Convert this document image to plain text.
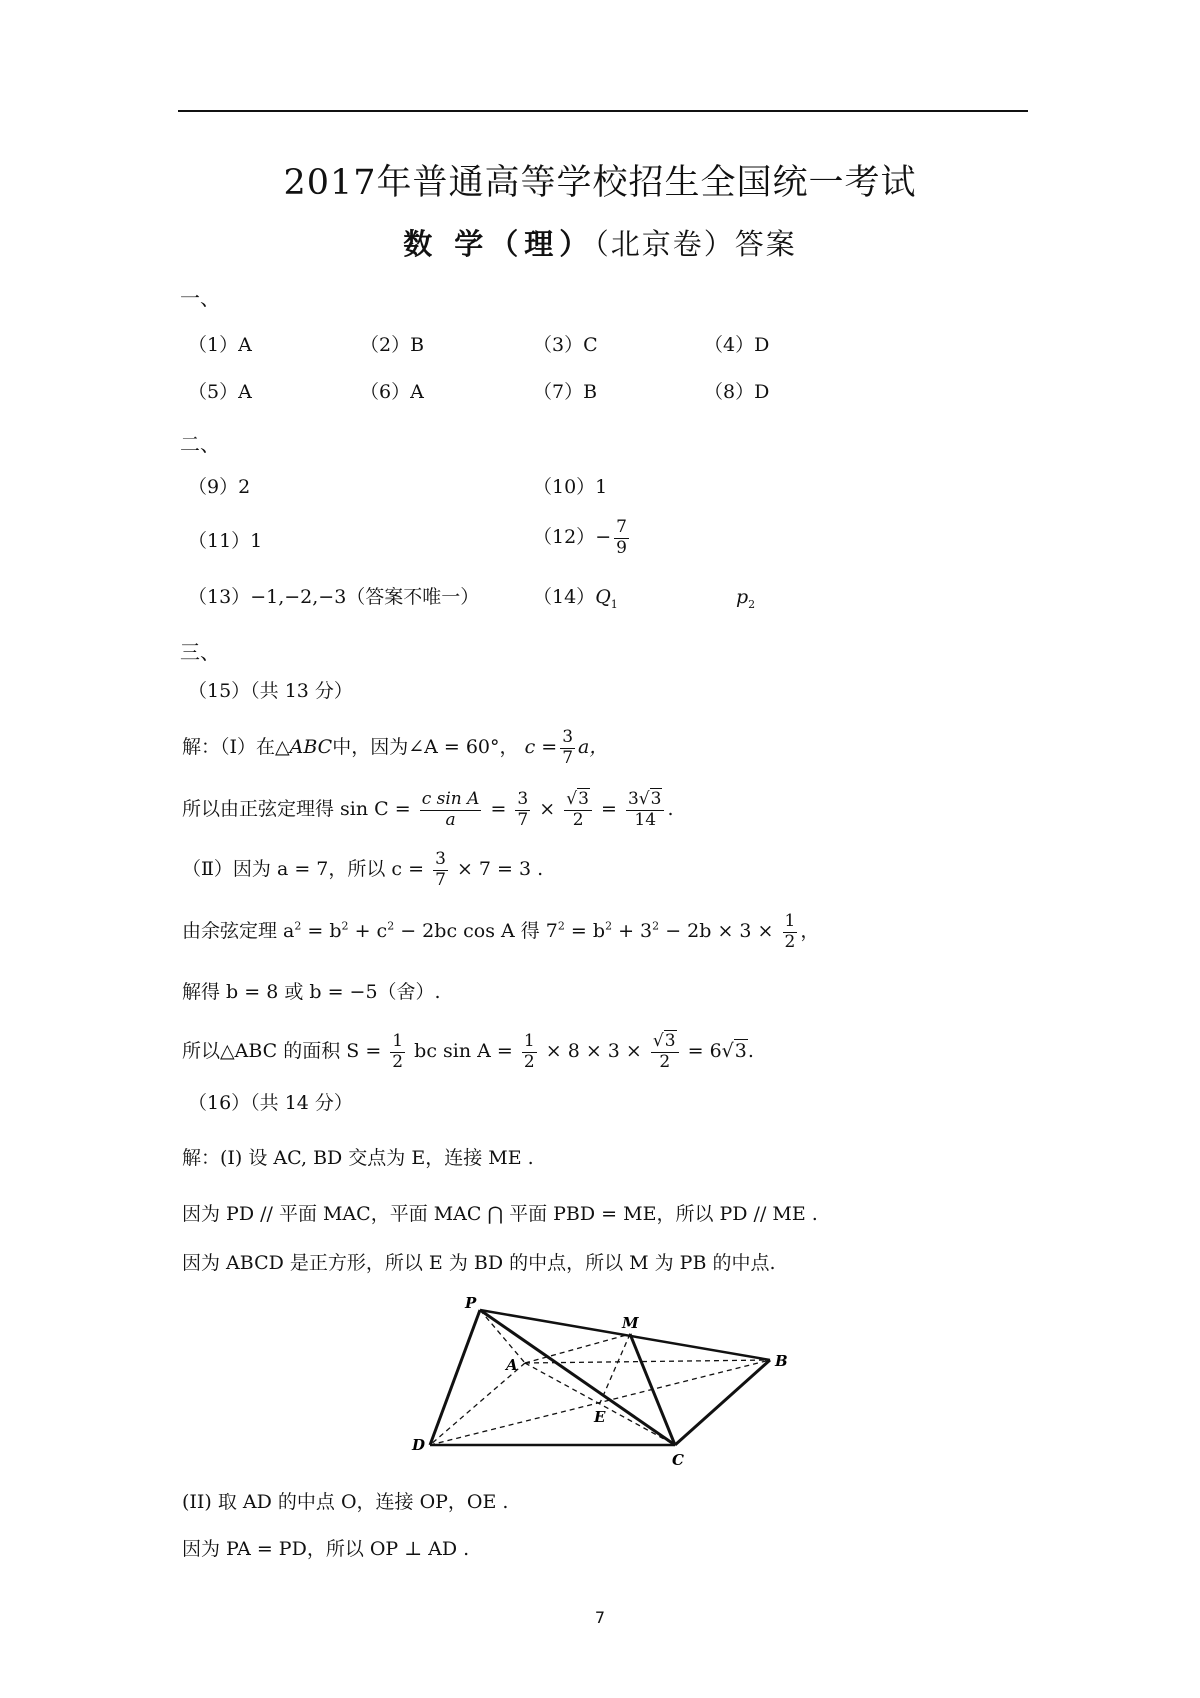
2017年普通高等学校招生全国统一考试
数 学（理）（北京卷）答案
一、
（1）A	（2）B	（3）C	（4）D
（5）A	（6）A	（7）B	（8）D
二、
（9）2	（10）1
（11）1	$(12)- \frac{7}{9}$
（13）−1,−2,−3（答案不唯一）	$(14)Q_1$	$p_2$
三、
（15）（共 13 分）
解：（Ⅰ）在△ABC中，因为∠A = 60°， $c = \frac{3}{7}$ a，
所以由正弦定理得 $\sin C = \frac{\text{c sin A}}{a} = \frac{3}{7} \times \frac{√3}{2} = \frac{3√3}{14}$ .
（Ⅱ）因为 a = 7，所以 $c = \frac{3}{7} \times 7 = 3$ .
由余弦定理 $a^2 = b^2 + c^2 - 2bc$ cos A 得 $7^2 = b^2 + 3^2 - 2b \times 3 \times \frac{1}{2}$ ，
解得 b = 8 或 b = −5（舍）.
所以△ABC 的面积 $S = \frac{1}{2}$ bc $\sin A = \frac{1}{2} \times 8 \times 3 \times \frac{√3}{2} = 6√3$.
（16）（共 14 分）
解：(I) 设 AC, BD 交点为 E，连接 ME .
因为 PD // 平面 MAC，平面 MAC ⋂ 平面 PBD = ME，所以 PD // ME .
因为 ABCD 是正方形，所以 E 为 BD 的中点，所以 M 为 PB 的中点.
P
M
A	B
E
D
C
(II) 取 AD 的中点 O，连接 OP，OE .
因为 PA = PD，所以 OP ⊥ AD .
7
